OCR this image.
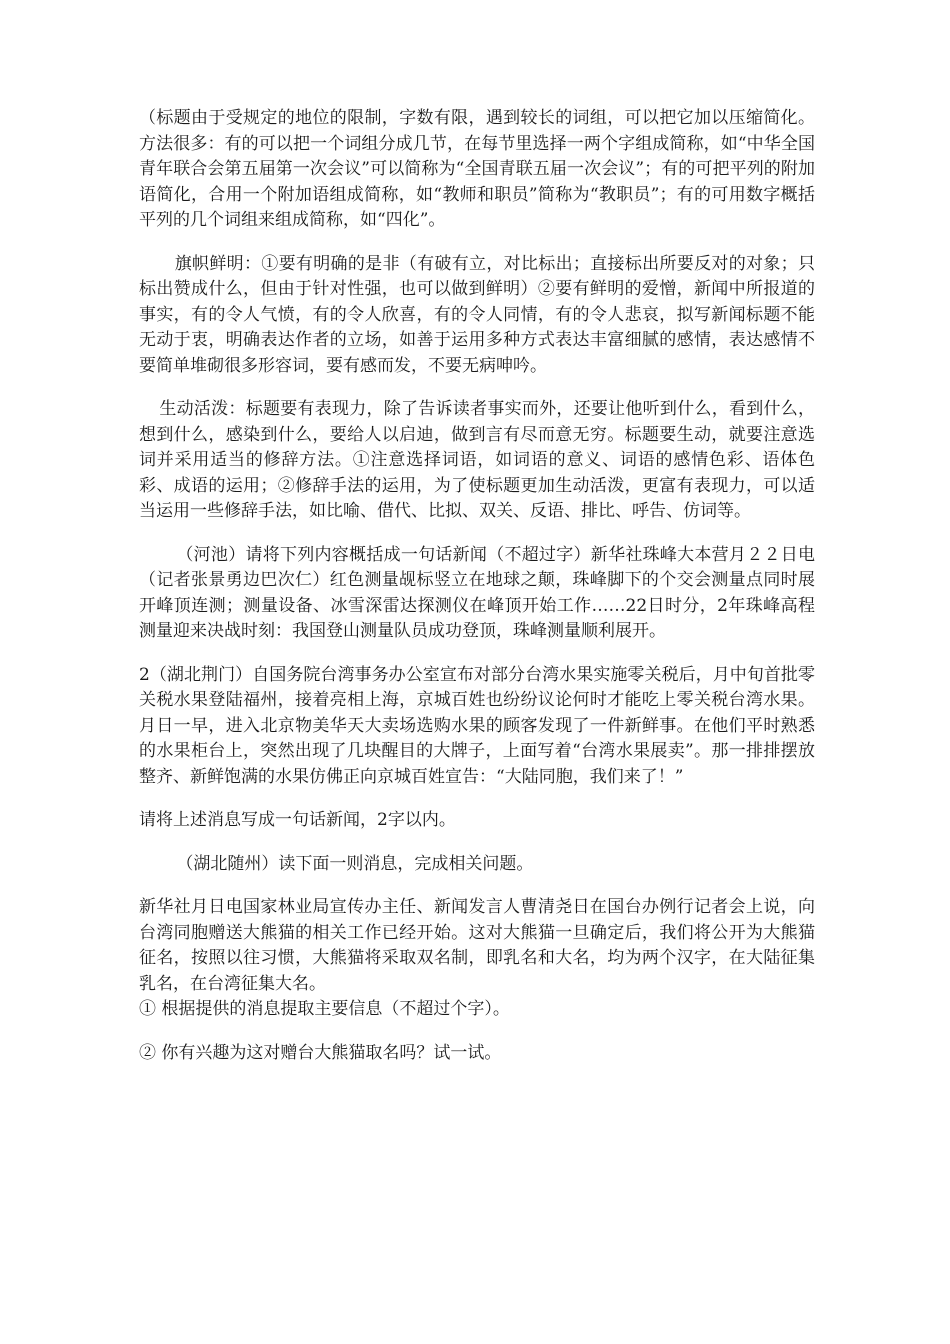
（标题由于受规定的地位的限制，字数有限，遇到较长的词组，可以把它加以压缩简化。方法很多：有的可以把一个词组分成几节，在每节里选择一两个字组成简称，如“中华全国青年联合会第五届第一次会议”可以简称为“全国青联五届一次会议”；有的可把平列的附加语简化，合用一个附加语组成简称，如“教师和职员”简称为“教职员”；有的可用数字概括平列的几个词组来组成简称，如“四化”。

旗帜鲜明：①要有明确的是非（有破有立，对比标出；直接标出所要反对的对象；只标出赞成什么，但由于针对性强，也可以做到鲜明）②要有鲜明的爱憎，新闻中所报道的事实，有的令人气愤，有的令人欣喜，有的令人同情，有的令人悲哀，拟写新闻标题不能无动于衷，明确表达作者的立场，如善于运用多种方式表达丰富细腻的感情，表达感情不要简单堆砌很多形容词，要有感而发，不要无病呻吟。

生动活泼：标题要有表现力，除了告诉读者事实而外，还要让他听到什么，看到什么，想到什么，感染到什么，要给人以启迪，做到言有尽而意无穷。标题要生动，就要注意选词并采用适当的修辞方法。①注意选择词语，如词语的意义、词语的感情色彩、语体色彩、成语的运用；②修辞手法的运用，为了使标题更加生动活泼，更富有表现力，可以适当运用一些修辞手法，如比喻、借代、比拟、双关、反语、排比、呼告、仿词等。

（河池）请将下列内容概括成一句话新闻（不超过字）新华社珠峰大本营月２２日电（记者张景勇边巴次仁）红色测量觇标竖立在地球之颠，珠峰脚下的个交会测量点同时展开峰顶连测；测量设备、冰雪深雷达探测仪在峰顶开始工作……22日时分，2年珠峰高程测量迎来决战时刻：我国登山测量队员成功登顶，珠峰测量顺利展开。

2（湖北荆门）自国务院台湾事务办公室宣布对部分台湾水果实施零关税后，月中旬首批零关税水果登陆福州，接着亮相上海，京城百姓也纷纷议论何时才能吃上零关税台湾水果。月日一早，进入北京物美华天大卖场选购水果的顾客发现了一件新鲜事。在他们平时熟悉的水果柜台上，突然出现了几块醒目的大牌子，上面写着“台湾水果展卖”。那一排排摆放整齐、新鲜饱满的水果仿佛正向京城百姓宣告：“大陆同胞，我们来了！”

请将上述消息写成一句话新闻，2字以内。

（湖北随州）读下面一则消息，完成相关问题。

新华社月日电国家林业局宣传办主任、新闻发言人曹清尧日在国台办例行记者会上说，向台湾同胞赠送大熊猫的相关工作已经开始。这对大熊猫一旦确定后，我们将公开为大熊猫征名，按照以往习惯，大熊猫将采取双名制，即乳名和大名，均为两个汉字，在大陆征集乳名，在台湾征集大名。

① 根据提供的消息提取主要信息（不超过个字）。

② 你有兴趣为这对赠台大熊猫取名吗？试一试。
